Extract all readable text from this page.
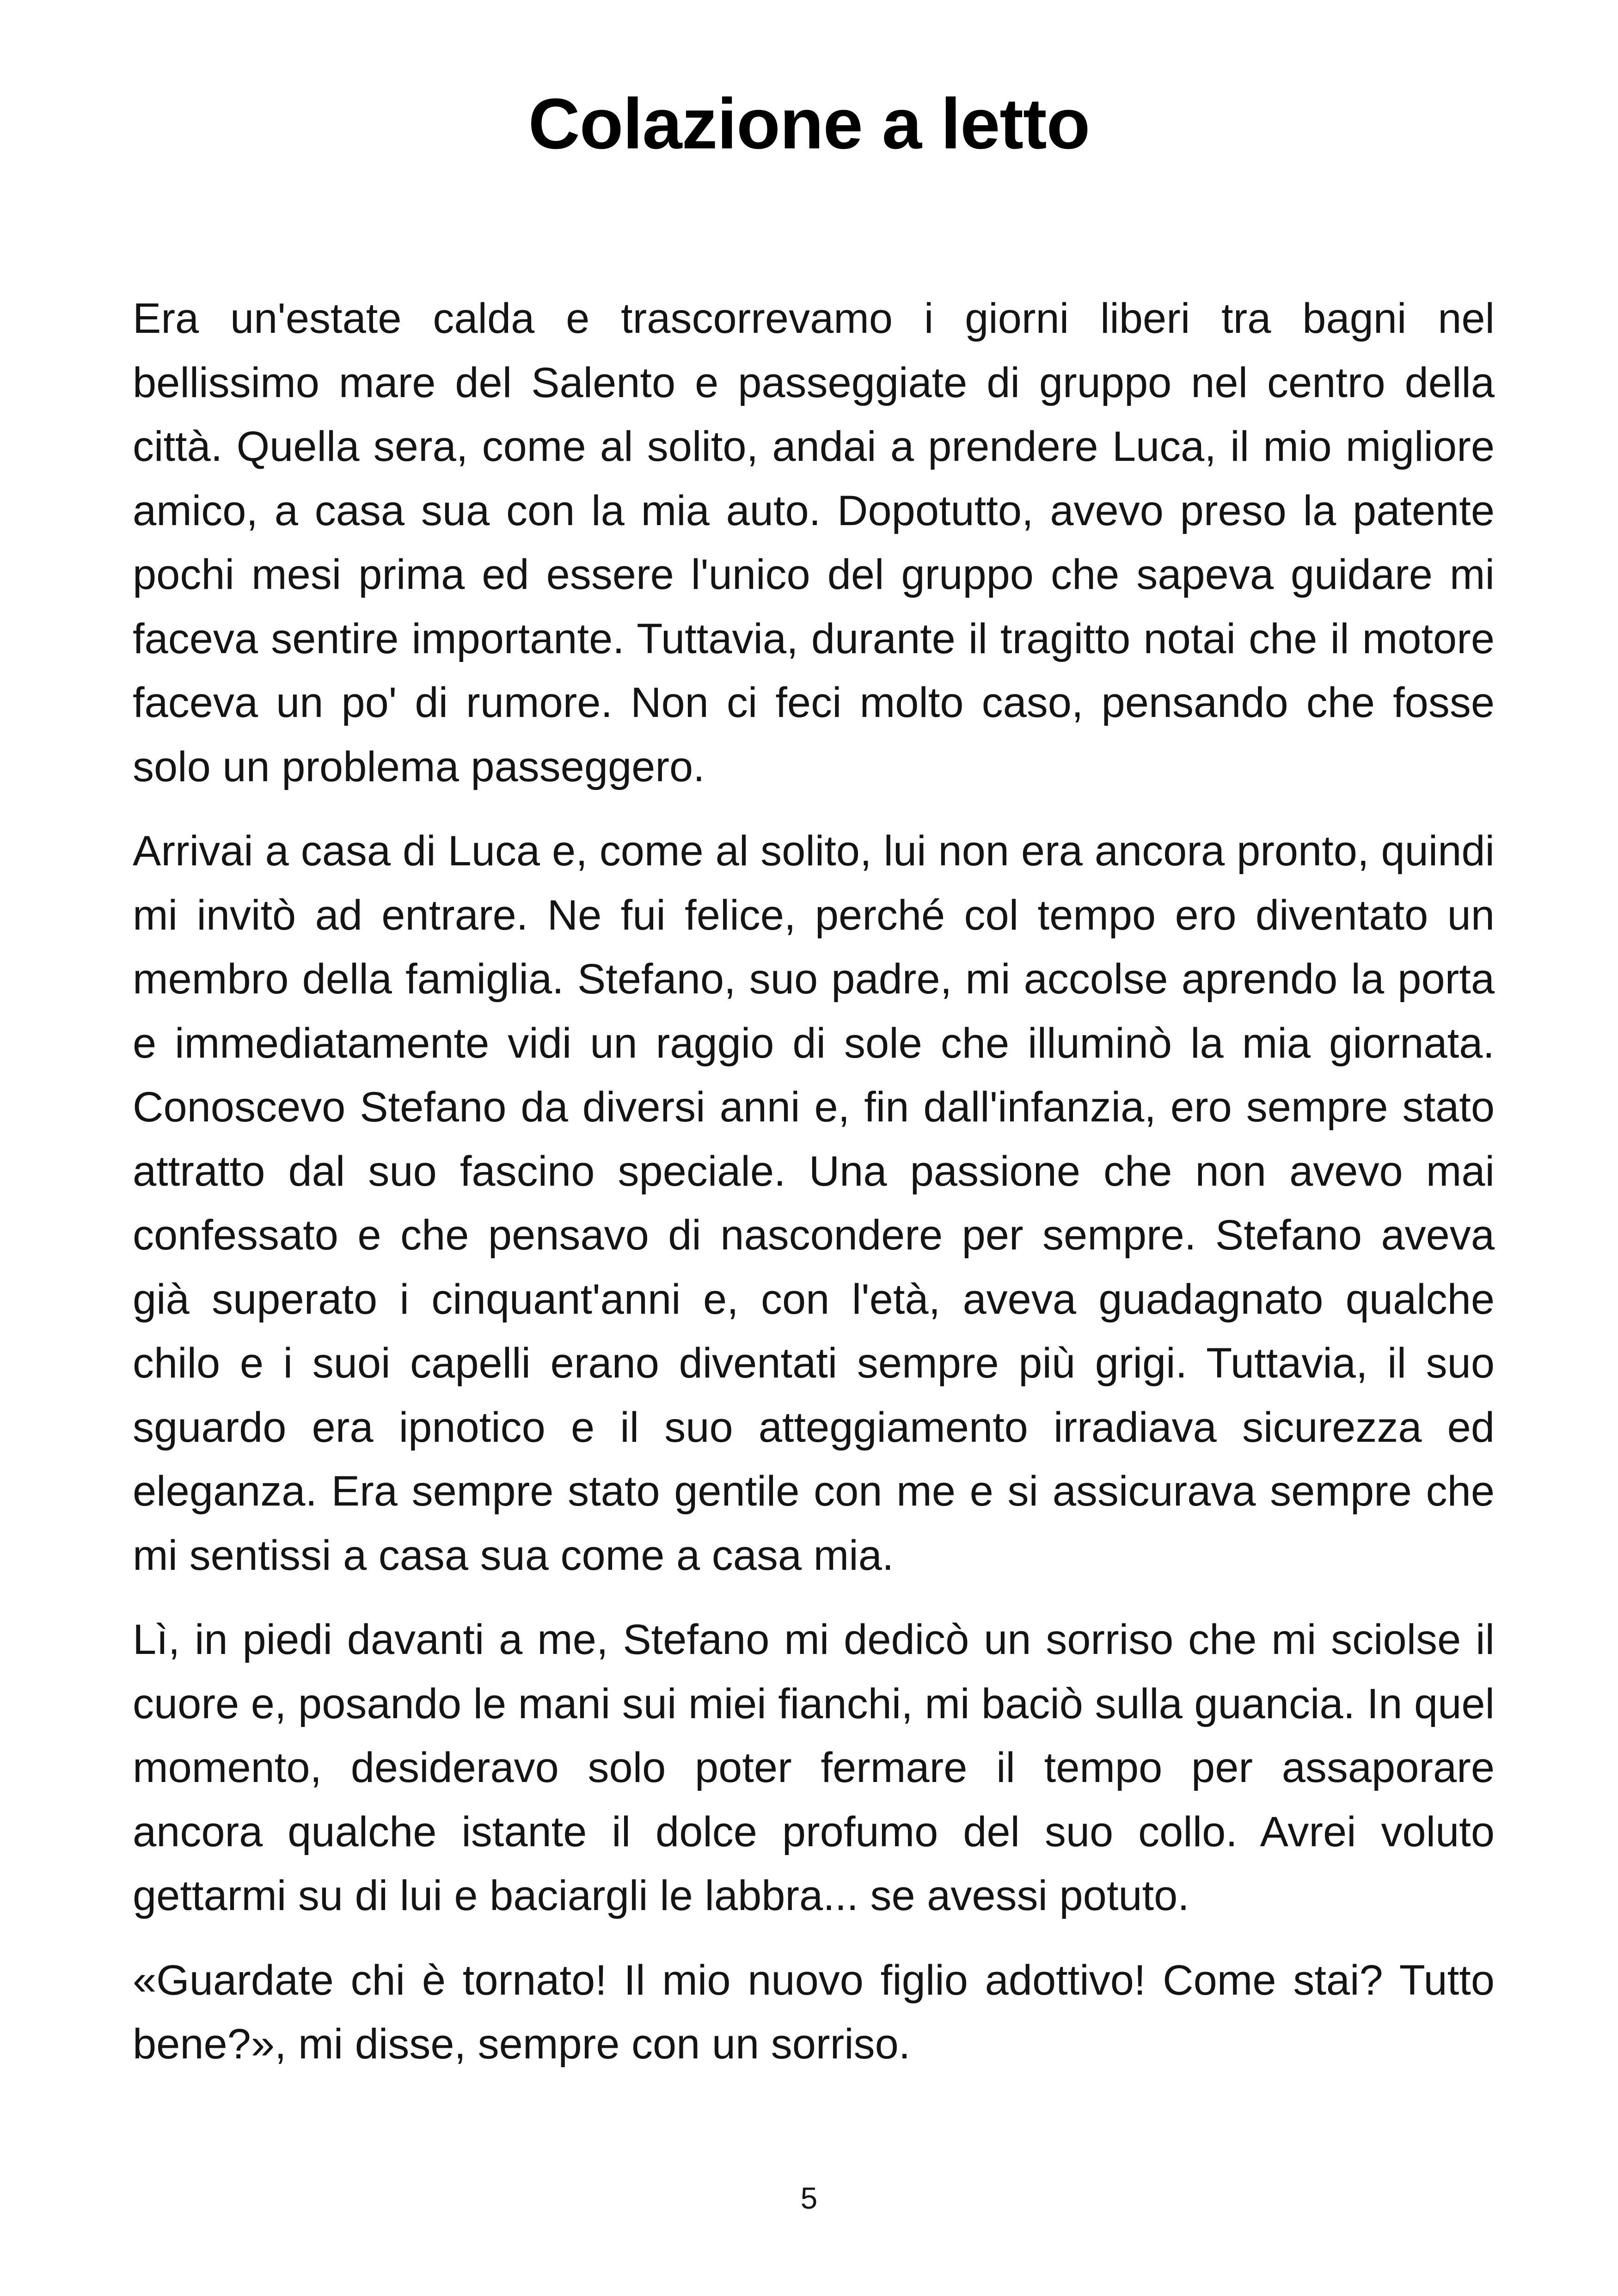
Colazione a letto

Era un'estate calda e trascorrevamo i giorni liberi tra bagni nel bellissimo mare del Salento e passeggiate di gruppo nel centro della città. Quella sera, come al solito, andai a prendere Luca, il mio migliore amico, a casa sua con la mia auto. Dopotutto, avevo preso la patente pochi mesi prima ed essere l'unico del gruppo che sapeva guidare mi faceva sentire importante. Tuttavia, durante il tragitto notai che il motore faceva un po' di rumore. Non ci feci molto caso, pensando che fosse solo un problema passeggero.

Arrivai a casa di Luca e, come al solito, lui non era ancora pronto, quindi mi invitò ad entrare. Ne fui felice, perché col tempo ero diventato un membro della famiglia. Stefano, suo padre, mi accolse aprendo la porta e immediatamente vidi un raggio di sole che illuminò la mia giornata. Conoscevo Stefano da diversi anni e, fin dall'infanzia, ero sempre stato attratto dal suo fascino speciale. Una passione che non avevo mai confessato e che pensavo di nascondere per sempre. Stefano aveva già superato i cinquant'anni e, con l'età, aveva guadagnato qualche chilo e i suoi capelli erano diventati sempre più grigi. Tuttavia, il suo sguardo era ipnotico e il suo atteggiamento irradiava sicurezza ed eleganza. Era sempre stato gentile con me e si assicurava sempre che mi sentissi a casa sua come a casa mia.

Lì, in piedi davanti a me, Stefano mi dedicò un sorriso che mi sciolse il cuore e, posando le mani sui miei fianchi, mi baciò sulla guancia. In quel momento, desideravo solo poter fermare il tempo per assaporare ancora qualche istante il dolce profumo del suo collo. Avrei voluto gettarmi su di lui e baciargli le labbra... se avessi potuto.

«Guardate chi è tornato! Il mio nuovo figlio adottivo! Come stai? Tutto bene?», mi disse, sempre con un sorriso.

5
